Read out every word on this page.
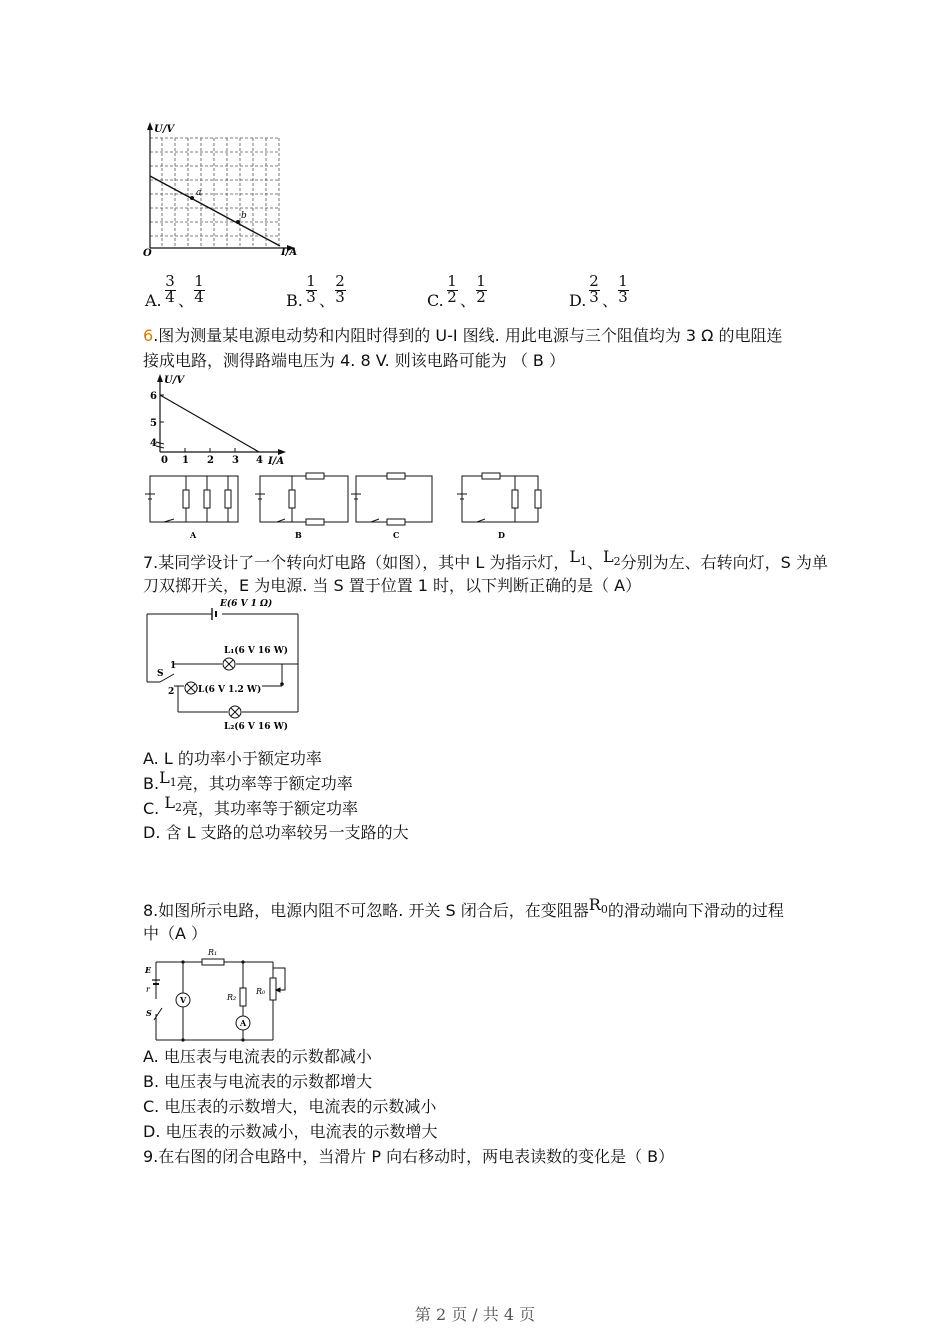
U/V
I/A
O
a
b
A.
3
4 、
1
4	B.
1
3 、
2
3	C.
1
2 、
1
2	D.
2
3 、
1
3
6.图为测量某电源电动势和内阻时得到的 U-I 图线. 用此电源与三个阻值均为 3 Ω 的电阻连
接成电路，测得路端电压为 4. 8 V. 则该电路可能为 （ B ）
U/V
I/A
6
5
4
0 1 2 3 4
A	B	C	D
7.某同学设计了一个转向灯电路（如图），其中 L 为指示灯，L1、L2分别为左、右转向灯，S 为单
刀双掷开关，E 为电源. 当 S 置于位置 1 时，以下判断正确的是（ A）
E(6 V 1 Ω)
L₁(6 V 16 W)
L(6 V 1.2 W)
L₂(6 V 16 W)
S
1
2
A. L 的功率小于额定功率
B.L1亮，其功率等于额定功率
C. L2亮，其功率等于额定功率
D. 含 L 支路的总功率较另一支路的大
8.如图所示电路，电源内阻不可忽略. 开关 S 闭合后，在变阻器R0的滑动端向下滑动的过程
中（A ）
E
r
S
V
A
R₁
R₂
R₀
A. 电压表与电流表的示数都减小
B. 电压表与电流表的示数都增大
C. 电压表的示数增大，电流表的示数减小
D. 电压表的示数减小，电流表的示数增大
9.在右图的闭合电路中，当滑片 P 向右移动时，两电表读数的变化是（ B）
第 2 页 / 共 4 页
